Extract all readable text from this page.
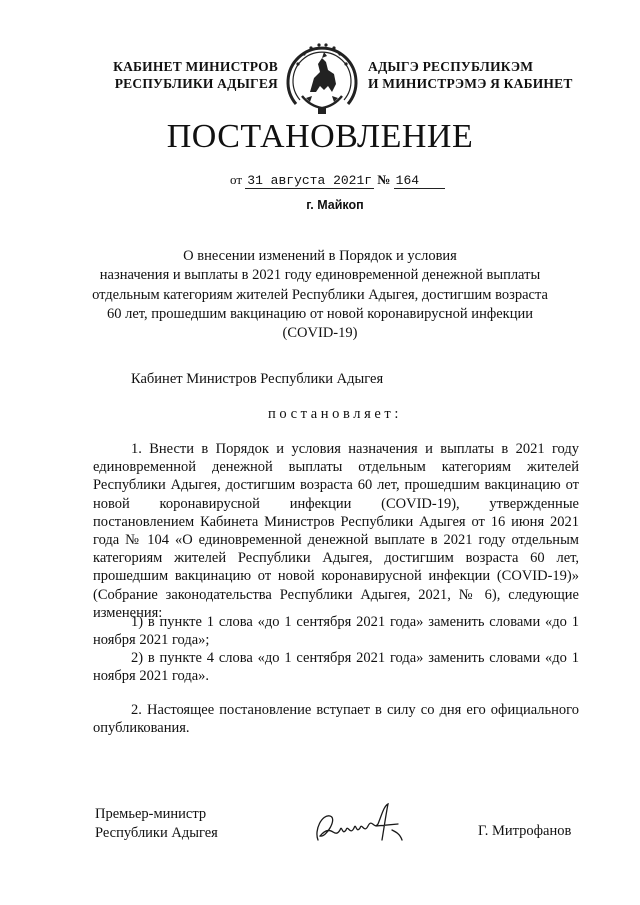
КАБИНЕТ МИНИСТРОВ
РЕСПУБЛИКИ АДЫГЕЯ
АДЫГЭ РЕСПУБЛИКЭМ
И МИНИСТРЭМЭ Я КАБИНЕТ
ПОСТАНОВЛЕНИЕ
от 31 августа 2021г № 164
г. Майкоп
О внесении изменений в Порядок и условия
назначения и выплаты в 2021 году единовременной денежной выплаты
отдельным категориям жителей Республики Адыгея, достигшим возраста
60 лет, прошедшим вакцинацию от новой коронавирусной инфекции
(COVID-19)
Кабинет Министров Республики Адыгея
постановляет:
1. Внести в Порядок и условия назначения и выплаты в 2021 году единовременной денежной выплаты отдельным категориям жителей Республики Адыгея, достигшим возраста 60 лет, прошедшим вакцинацию от новой коронавирусной инфекции (COVID-19), утвержденные постановлением Кабинета Министров Республики Адыгея от 16 июня 2021 года № 104 «О единовременной денежной выплате в 2021 году отдельным категориям жителей Республики Адыгея, достигшим возраста 60 лет, прошедшим вакцинацию от новой коронавирусной инфекции (COVID-19)» (Собрание законодательства Республики Адыгея, 2021, № 6), следующие изменения:
1) в пункте 1 слова «до 1 сентября 2021 года» заменить словами «до 1 ноября 2021 года»;
2) в пункте 4 слова «до 1 сентября 2021 года» заменить словами «до 1 ноября 2021 года».
2. Настоящее постановление вступает в силу со дня его официального опубликования.
Премьер-министр
Республики Адыгея	Г. Митрофанов
